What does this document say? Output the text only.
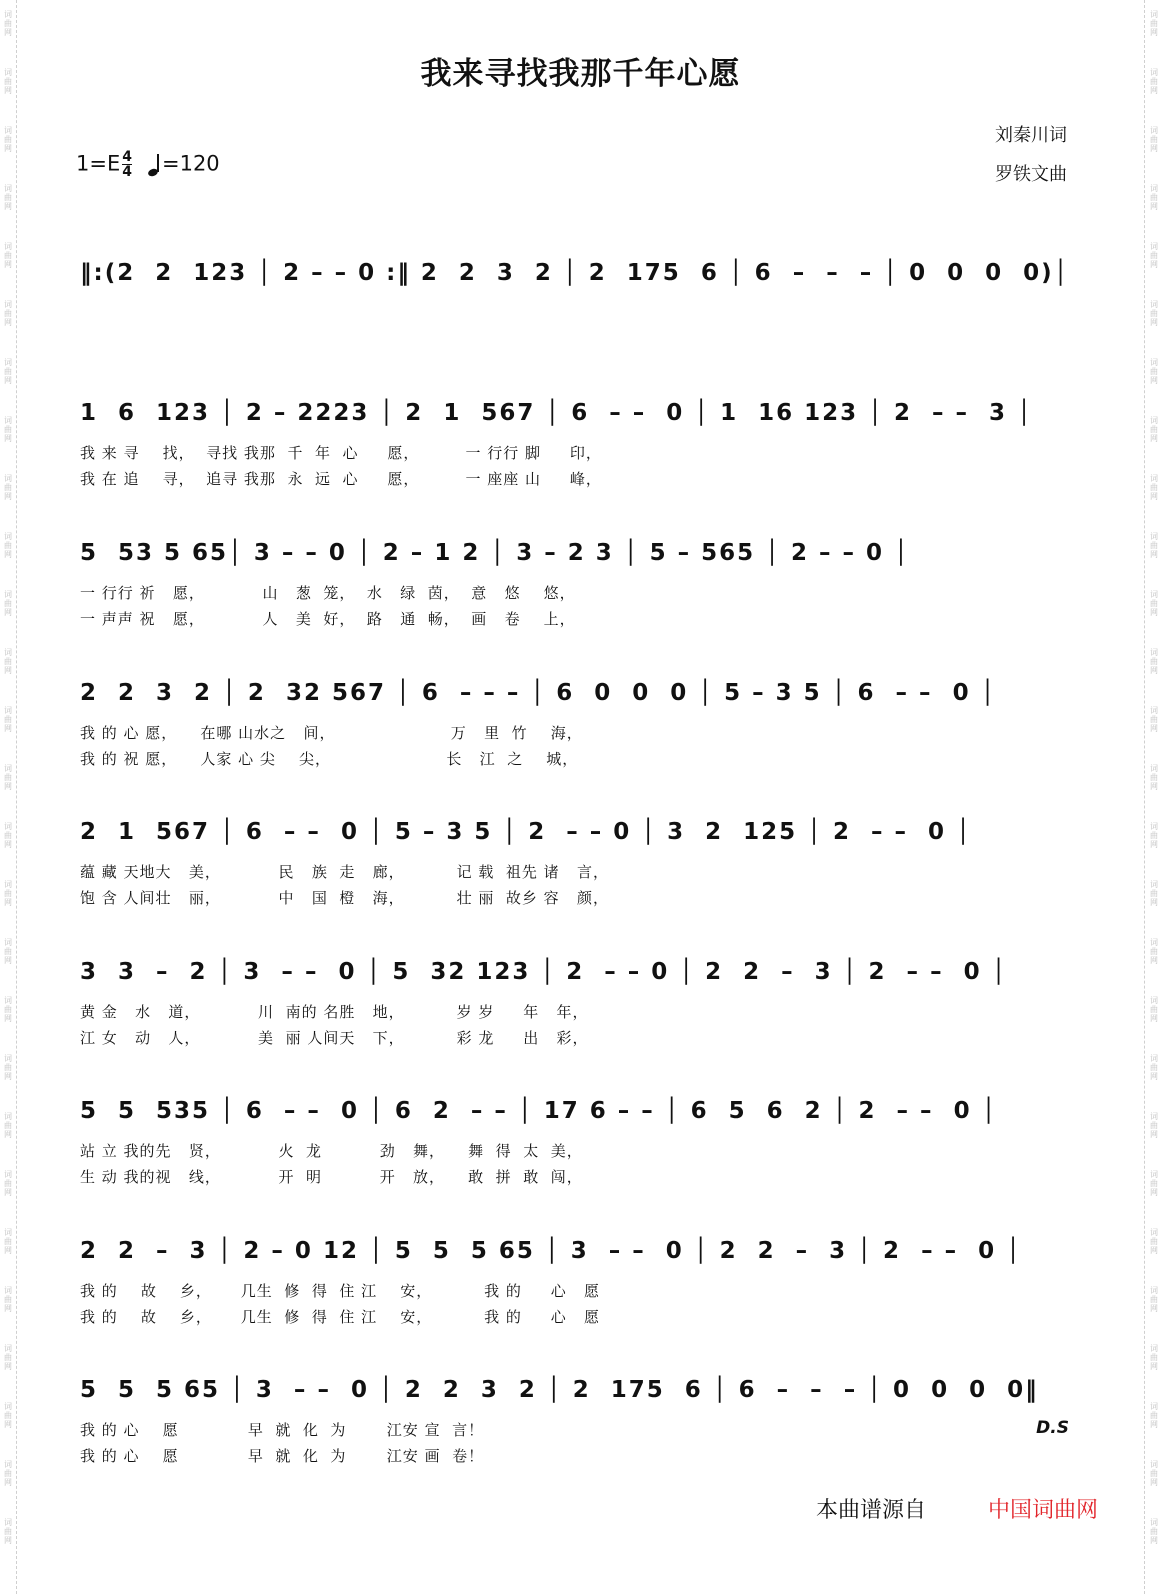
词
曲
网
词
曲
网
词
曲
网
词
曲
网
词
曲
网
词
曲
网
词
曲
网
词
曲
网
词
曲
网
词
曲
网
词
曲
网
词
曲
网
词
曲
网
词
曲
网
词
曲
网
词
曲
网
词
曲
网
词
曲
网
词
曲
网
词
曲
网
词
曲
网
词
曲
网
词
曲
网
词
曲
网
词
曲
网
词
曲
网
词
曲
网
词
曲
网
词
曲
网
词
曲
网
词
曲
网
词
曲
网
词
曲
网
词
曲
网
词
曲
网
词
曲
网
词
曲
网
词
曲
网
词
曲
网
词
曲
网
词
曲
网
词
曲
网
词
曲
网
词
曲
网
词
曲
网
词
曲
网
词
曲
网
词
曲
网
词
曲
网
词
曲
网
词
曲
网
词
曲
网
词
曲
网
词
曲
网
我来寻找我那千年心愿
刘秦川词
罗铁文曲
$1=E \frac{4}{4} =120$
‖:(2  2  123 │ 2 – – 0 :‖ 2  2  3  2 │ 2  175  6 │ 6  –  –  – │ 0  0  0  0)│
1  6  123 │ 2 – 2223 │ 2  1  567 │ 6  – –  0 │ 1  16 123 │ 2  – –  3 │
我 来 寻    找，  寻找 我那  千  年  心     愿，        一 行行 脚     印，
我 在 追    寻，  追寻 我那  永  远  心     愿，        一 座座 山     峰，
5  53 5 65│ 3 – – 0 │ 2 – 1 2 │ 3 – 2 3 │ 5 – 565 │ 2 – – 0 │
一 行行 祈   愿，          山   葱  笼，  水   绿  茵，  意   悠    悠，
一 声声 祝   愿，          人   美  好，  路   通  畅，  画   卷    上，
2  2  3  2 │ 2  32 567 │ 6  – – – │ 6  0  0  0 │ 5 – 3 5 │ 6  – –  0 │
我 的 心 愿，    在哪 山水之   间，                    万   里  竹    海，
我 的 祝 愿，    人家 心 尖    尖，                    长   江  之    城，
2  1  567 │ 6  – –  0 │ 5 – 3 5 │ 2  – – 0 │ 3  2  125 │ 2  – –  0 │
蕴 藏 天地大   美，          民   族  走   廊，         记 载  祖先 诸   言，
饱 含 人间壮   丽，          中   国  橙   海，         壮 丽  故乡 容   颜，
3  3  –  2 │ 3  – –  0 │ 5  32 123 │ 2  – – 0 │ 2  2  –  3 │ 2  – –  0 │
黄 金   水   道，          川  南的 名胜   地，         岁 岁     年   年，
江 女   动   人，          美  丽 人间天   下，         彩 龙     出   彩，
5  5  535 │ 6  – –  0 │ 6  2  – – │ 17 6 – – │ 6  5  6  2 │ 2  – –  0 │
站 立 我的先   贤，          火  龙          劲   舞，    舞  得  太  美，
生 动 我的视   线，          开  明          开   放，    敢  拼  敢  闯，
2  2  –  3 │ 2 – 0 12 │ 5  5  5 65 │ 3  – –  0 │ 2  2  –  3 │ 2  – –  0 │
我 的    故    乡，     几生  修  得  住 江    安，         我 的     心   愿
我 的    故    乡，     几生  修  得  住 江    安，         我 的     心   愿
5  5  5 65 │ 3  – –  0 │ 2  2  3  2 │ 2  175  6 │ 6  –  –  – │ 0  0  0  0‖
我 的 心    愿            早  就  化  为       江安 宣  言！
我 的 心    愿            早  就  化  为       江安 画  卷！
D.S
本曲谱源自	中国词曲网
